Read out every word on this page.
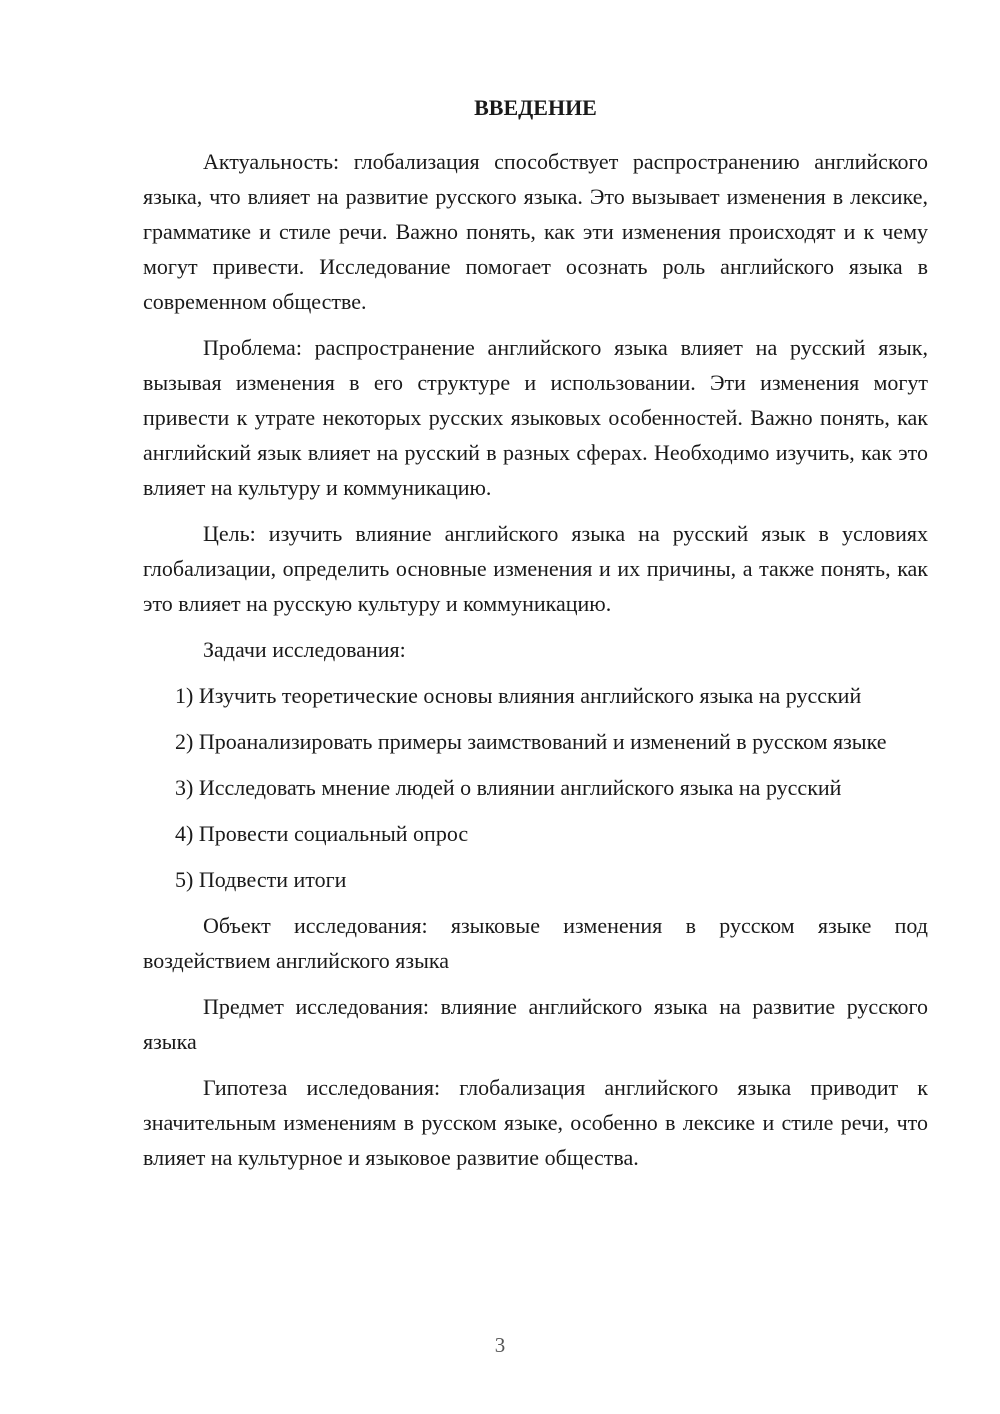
ВВЕДЕНИЕ

Актуальность: глобализация способствует распространению английского языка, что влияет на развитие русского языка. Это вызывает изменения в лексике, грамматике и стиле речи. Важно понять, как эти изменения происходят и к чему могут привести. Исследование помогает осознать роль английского языка в современном обществе.

Проблема: распространение английского языка влияет на русский язык, вызывая изменения в его структуре и использовании. Эти изменения могут привести к утрате некоторых русских языковых особенностей. Важно понять, как английский язык влияет на русский в разных сферах. Необходимо изучить, как это влияет на культуру и коммуникацию.

Цель: изучить влияние английского языка на русский язык в условиях глобализации, определить основные изменения и их причины, а также понять, как это влияет на русскую культуру и коммуникацию.

Задачи исследования:

1) Изучить теоретические основы влияния английского языка на русский

2) Проанализировать примеры заимствований и изменений в русском языке

3) Исследовать мнение людей о влиянии английского языка на русский

4) Провести социальный опрос

5) Подвести итоги

Объект исследования: языковые изменения в русском языке под воздействием английского языка

Предмет исследования: влияние английского языка на развитие русского языка

Гипотеза исследования: глобализация английского языка приводит к значительным изменениям в русском языке, особенно в лексике и стиле речи, что влияет на культурное и языковое развитие общества.

3
